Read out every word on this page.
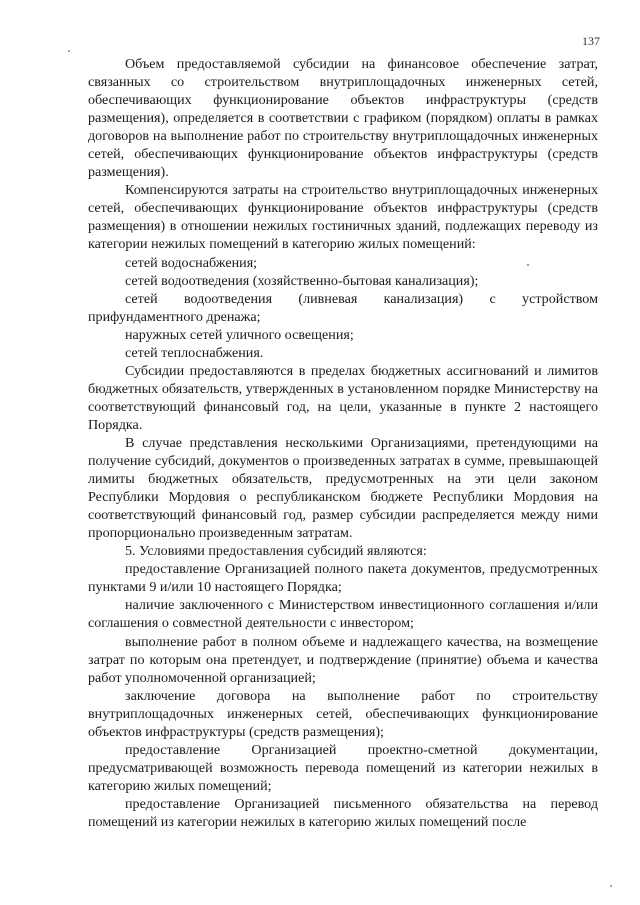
137

Объем предоставляемой субсидии на финансовое обеспечение затрат, связанных со строительством внутриплощадочных инженерных сетей, обеспечивающих функционирование объектов инфраструктуры (средств размещения), определяется в соответствии с графиком (порядком) оплаты в рамках договоров на выполнение работ по строительству внутриплощадочных инженерных сетей, обеспечивающих функционирование объектов инфраструктуры (средств размещения).

Компенсируются затраты на строительство внутриплощадочных инженерных сетей, обеспечивающих функционирование объектов инфраструктуры (средств размещения) в отношении нежилых гостиничных зданий, подлежащих переводу из категории нежилых помещений в категорию жилых помещений:

сетей водоснабжения;

сетей водоотведения (хозяйственно-бытовая канализация);

сетей водоотведения (ливневая канализация) с устройством прифундаментного дренажа;

наружных сетей уличного освещения;

сетей теплоснабжения.

Субсидии предоставляются в пределах бюджетных ассигнований и лимитов бюджетных обязательств, утвержденных в установленном порядке Министерству на соответствующий финансовый год, на цели, указанные в пункте 2 настоящего Порядка.

В случае представления несколькими Организациями, претендующими на получение субсидий, документов о произведенных затратах в сумме, превышающей лимиты бюджетных обязательств, предусмотренных на эти цели законом Республики Мордовия о республиканском бюджете Республики Мордовия на соответствующий финансовый год, размер субсидии распределяется между ними пропорционально произведенным затратам.

5. Условиями предоставления субсидий являются:

предоставление Организацией полного пакета документов, предусмотренных пунктами 9 и/или 10 настоящего Порядка;

наличие заключенного с Министерством инвестиционного соглашения и/или соглашения о совместной деятельности с инвестором;

выполнение работ в полном объеме и надлежащего качества, на возмещение затрат по которым она претендует, и подтверждение (принятие) объема и качества работ уполномоченной организацией;

заключение договора на выполнение работ по строительству внутриплощадочных инженерных сетей, обеспечивающих функционирование объектов инфраструктуры (средств размещения);

предоставление Организацией проектно-сметной документации, предусматривающей возможность перевода помещений из категории нежилых в категорию жилых помещений;

предоставление Организацией письменного обязательства на перевод помещений из категории нежилых в категорию жилых помещений после
